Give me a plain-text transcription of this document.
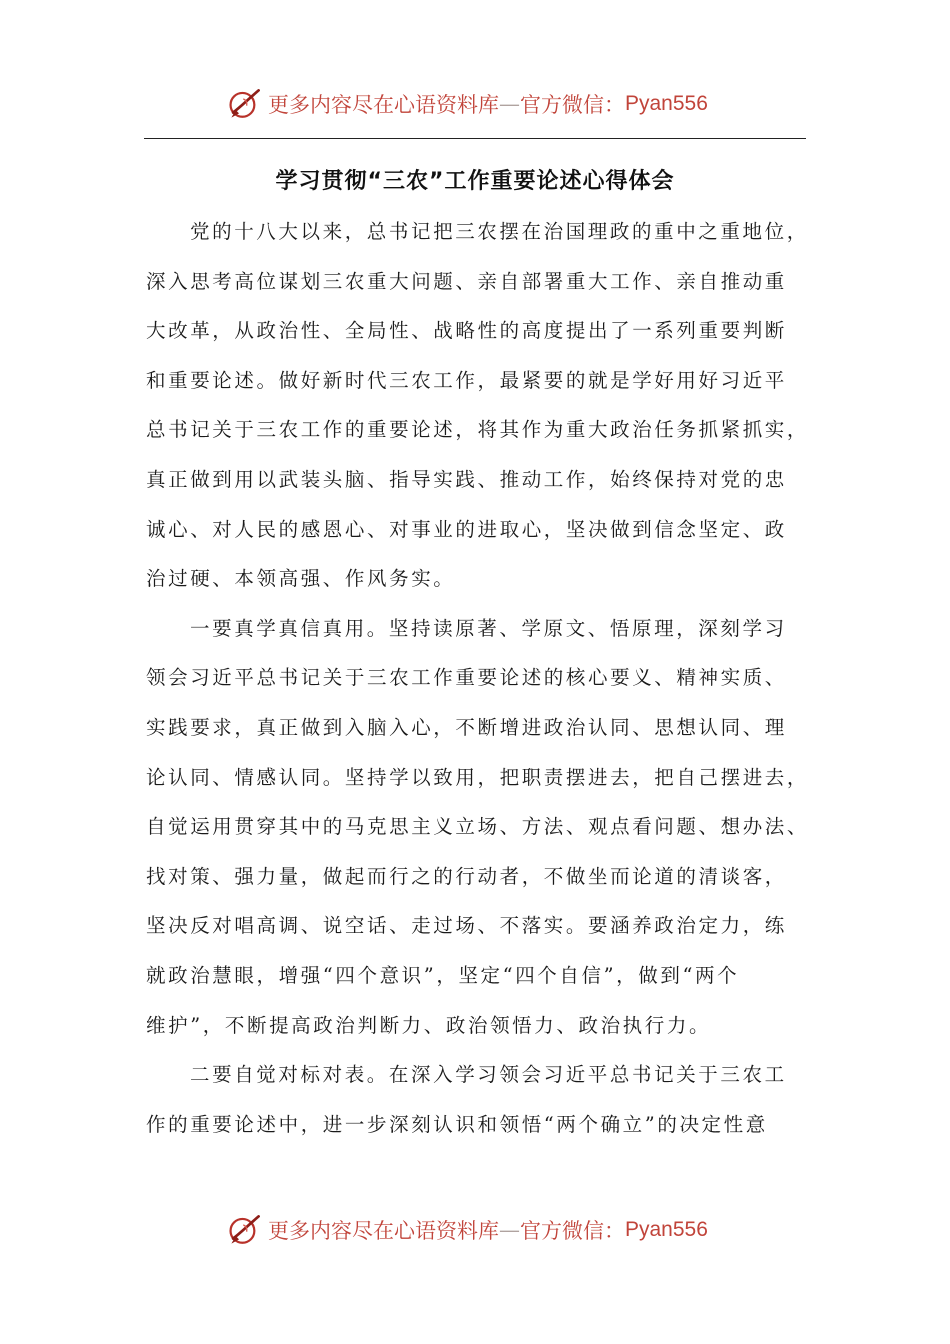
更多内容尽在心语资料库 — 官方微信： Pyan556
学习贯彻“三农”工作重要论述心得体会
党的十八大以来，总书记把三农摆在治国理政的重中之重地位，
深入思考高位谋划三农重大问题、亲自部署重大工作、亲自推动重
大改革，从政治性、全局性、战略性的高度提出了一系列重要判断
和重要论述。做好新时代三农工作，最紧要的就是学好用好习近平
总书记关于三农工作的重要论述，将其作为重大政治任务抓紧抓实，
真正做到用以武装头脑、指导实践、推动工作，始终保持对党的忠
诚心、对人民的感恩心、对事业的进取心，坚决做到信念坚定、政
治过硬、本领高强、作风务实。
一要真学真信真用。坚持读原著、学原文、悟原理，深刻学习
领会习近平总书记关于三农工作重要论述的核心要义、精神实质、
实践要求，真正做到入脑入心，不断增进政治认同、思想认同、理
论认同、情感认同。坚持学以致用，把职责摆进去，把自己摆进去，
自觉运用贯穿其中的马克思主义立场、方法、观点看问题、想办法、
找对策、强力量，做起而行之的行动者，不做坐而论道的清谈客，
坚决反对唱高调、说空话、走过场、不落实。要涵养政治定力，练
就政治慧眼，增强“四个意识”，坚定“四个自信”，做到“两个
维护”，不断提高政治判断力、政治领悟力、政治执行力。
二要自觉对标对表。在深入学习领会习近平总书记关于三农工
作的重要论述中，进一步深刻认识和领悟“两个确立”的决定性意
更多内容尽在心语资料库 — 官方微信： Pyan556
